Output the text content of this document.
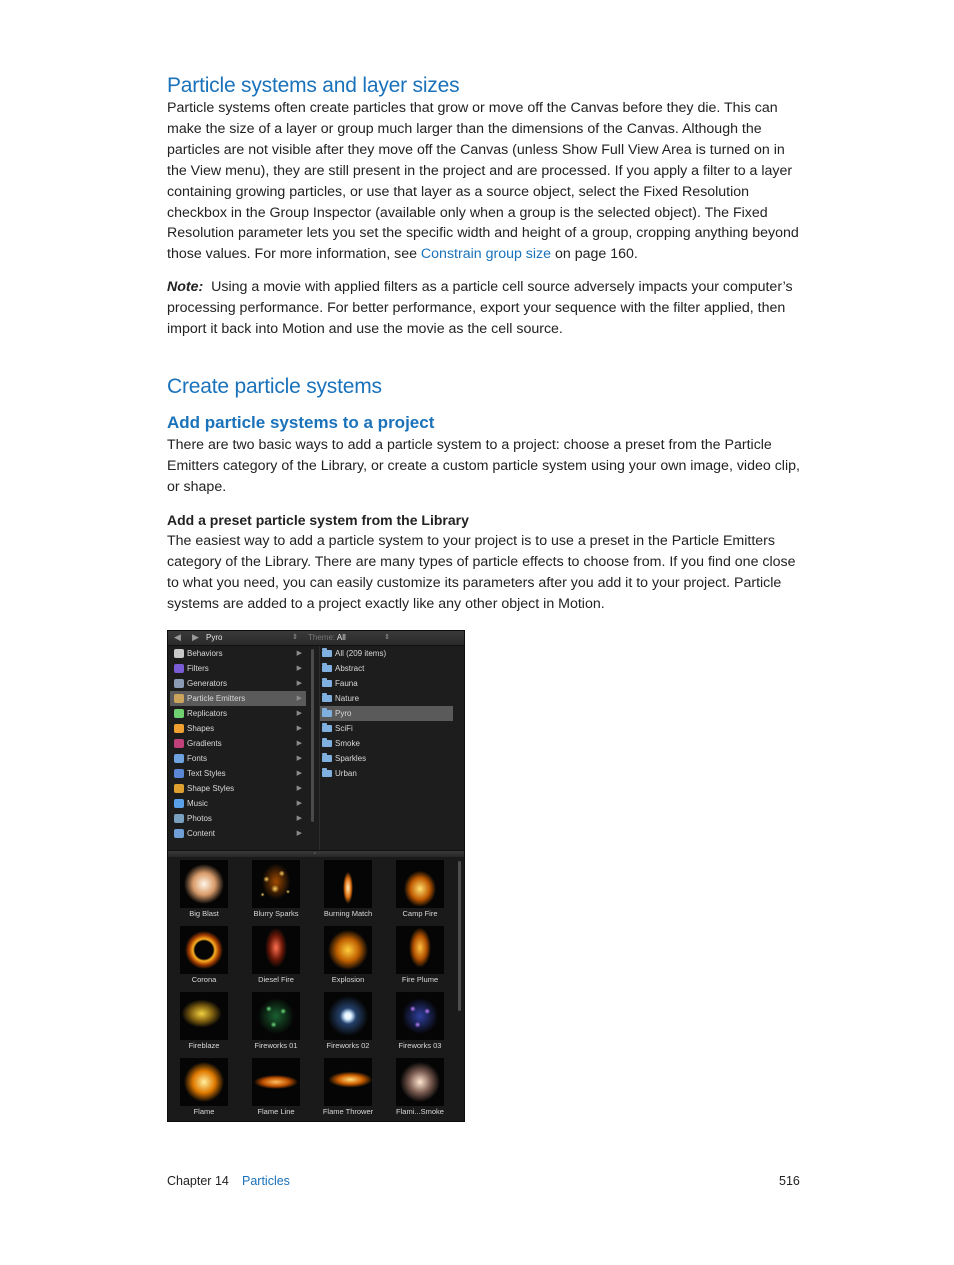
Particle systems and layer sizes

Particle systems often create particles that grow or move off the Canvas before they die. This can make the size of a layer or group much larger than the dimensions of the Canvas. Although the particles are not visible after they move off the Canvas (unless Show Full View Area is turned on in the View menu), they are still present in the project and are processed. If you apply a filter to a layer containing growing particles, or use that layer as a source object, select the Fixed Resolution checkbox in the Group Inspector (available only when a group is the selected object). The Fixed Resolution parameter lets you set the specific width and height of a group, cropping anything beyond those values. For more information, see Constrain group size on page 160.

Note: Using a movie with applied filters as a particle cell source adversely impacts your computer’s processing performance. For better performance, export your sequence with the filter applied, then import it back into Motion and use the movie as the cell source.

Create particle systems
Add particle systems to a project

There are two basic ways to add a particle system to a project: choose a preset from the Particle Emitters category of the Library, or create a custom particle system using your own image, video clip, or shape.

Add a preset particle system from the Library

The easiest way to add a particle system to your project is to use a preset in the Particle Emitters category of the Library. There are many types of particle effects to choose from. If you find one close to what you need, you can easily customize its parameters after you add it to your project. Particle systems are added to a project exactly like any other object in Motion.

◀ ▶ Pyro	⇕ Theme: All	⇕
Behaviors	▶
Filters	▶
Generators	▶
Particle Emitters	▶
Replicators	▶
Shapes	▶
Gradients	▶
Fonts	▶
Text Styles	▶
Shape Styles	▶
Music	▶
Photos	▶
Content	▶
All (209 items)
Abstract
Fauna
Nature
Pyro
SciFi
Smoke
Sparkles
Urban
•
Big Blast	Blurry Sparks	Burning Match	Camp Fire
Corona	Diesel Fire	Explosion	Fire Plume
Fireblaze	Fireworks 01	Fireworks 02	Fireworks 03
Flame	Flame Line	Flame Thrower	Flami...Smoke
Chapter 14 Particles	516
